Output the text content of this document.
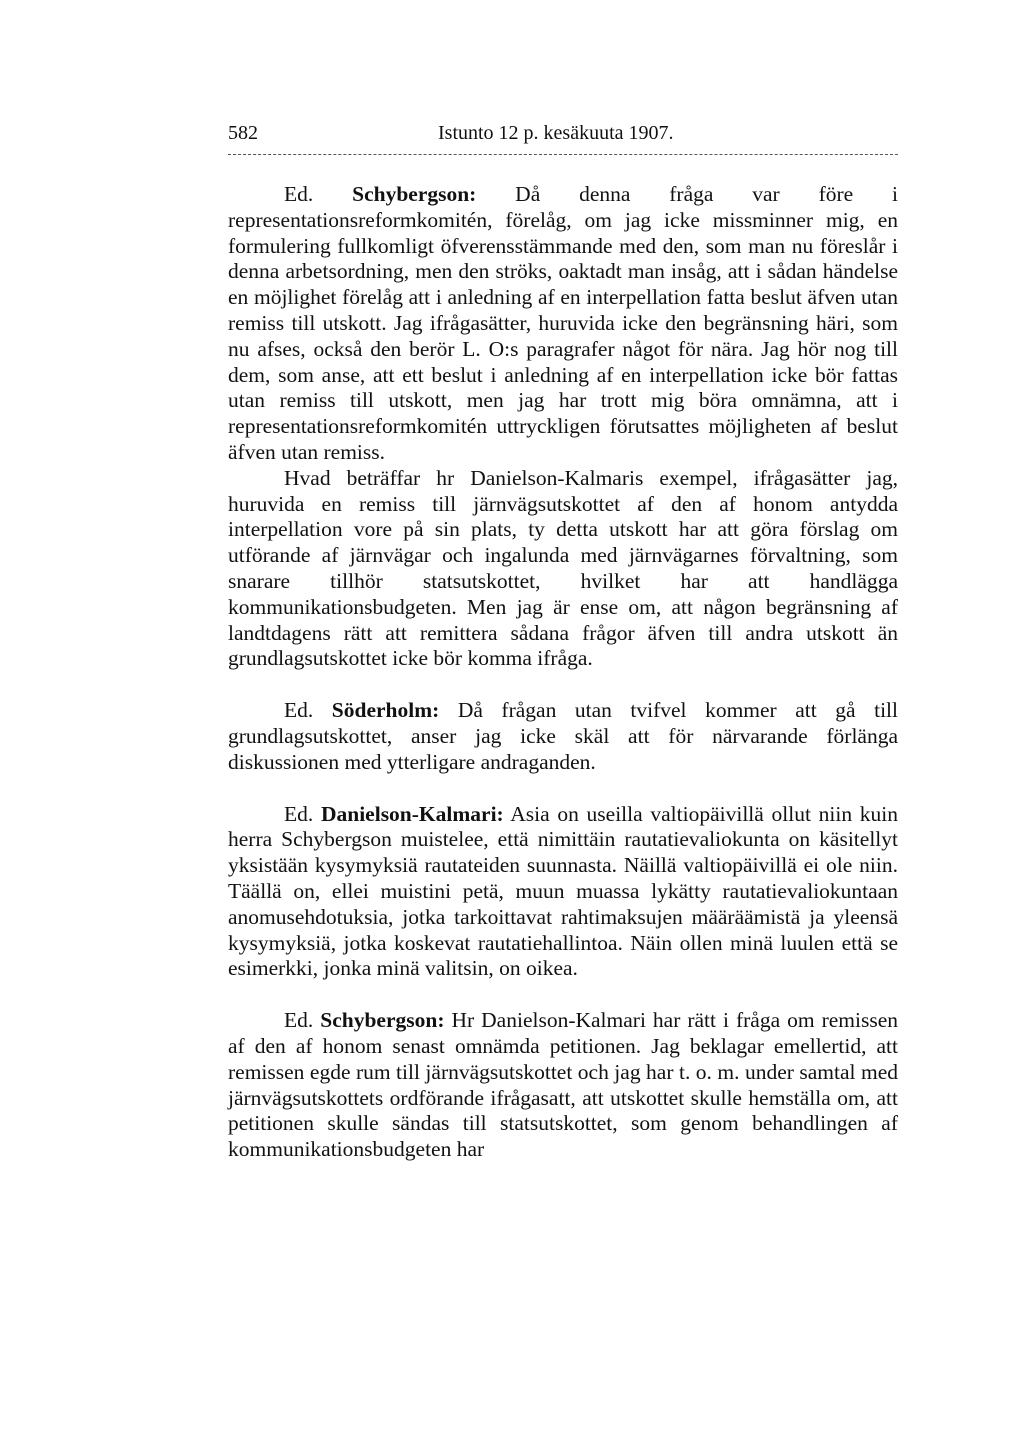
582	Istunto 12 p. kesäkuuta 1907.

Ed. Schybergson: Då denna fråga var före i representationsreformkomitén, förelåg, om jag icke missminner mig, en formulering fullkomligt öfverensstämmande med den, som man nu föreslår i denna arbetsordning, men den ströks, oaktadt man insåg, att i sådan händelse en möjlighet förelåg att i anledning af en interpellation fatta beslut äfven utan remiss till utskott. Jag ifrågasätter, huruvida icke den begränsning häri, som nu afses, också den berör L. O:s paragrafer något för nära. Jag hör nog till dem, som anse, att ett beslut i anledning af en interpellation icke bör fattas utan remiss till utskott, men jag har trott mig böra omnämna, att i representationsreformkomitén uttryckligen förutsattes möjligheten af beslut äfven utan remiss.

Hvad beträffar hr Danielson-Kalmaris exempel, ifrågasätter jag, huruvida en remiss till järnvägsutskottet af den af honom antydda interpellation vore på sin plats, ty detta utskott har att göra förslag om utförande af järnvägar och ingalunda med järnvägarnes förvaltning, som snarare tillhör statsutskottet, hvilket har att handlägga kommunikationsbudgeten. Men jag är ense om, att någon begränsning af landtdagens rätt att remittera sådana frågor äfven till andra utskott än grundlagsutskottet icke bör komma ifråga.

Ed. Söderholm: Då frågan utan tvifvel kommer att gå till grundlagsutskottet, anser jag icke skäl att för närvarande förlänga diskussionen med ytterligare andraganden.

Ed. Danielson-Kalmari: Asia on useilla valtiopäivillä ollut niin kuin herra Schybergson muistelee, että nimittäin rautatievaliokunta on käsitellyt yksistään kysymyksiä rautateiden suunnasta. Näillä valtiopäivillä ei ole niin. Täällä on, ellei muistini petä, muun muassa lykätty rautatievaliokuntaan anomusehdotuksia, jotka tarkoittavat rahtimaksujen määräämistä ja yleensä kysymyksiä, jotka koskevat rautatiehallintoa. Näin ollen minä luulen että se esimerkki, jonka minä valitsin, on oikea.

Ed. Schybergson: Hr Danielson-Kalmari har rätt i fråga om remissen af den af honom senast omnämda petitionen. Jag beklagar emellertid, att remissen egde rum till järnvägsutskottet och jag har t. o. m. under samtal med järnvägsutskottets ordförande ifrågasatt, att utskottet skulle hemställa om, att petitionen skulle sändas till statsutskottet, som genom behandlingen af kommunikationsbudgeten har
